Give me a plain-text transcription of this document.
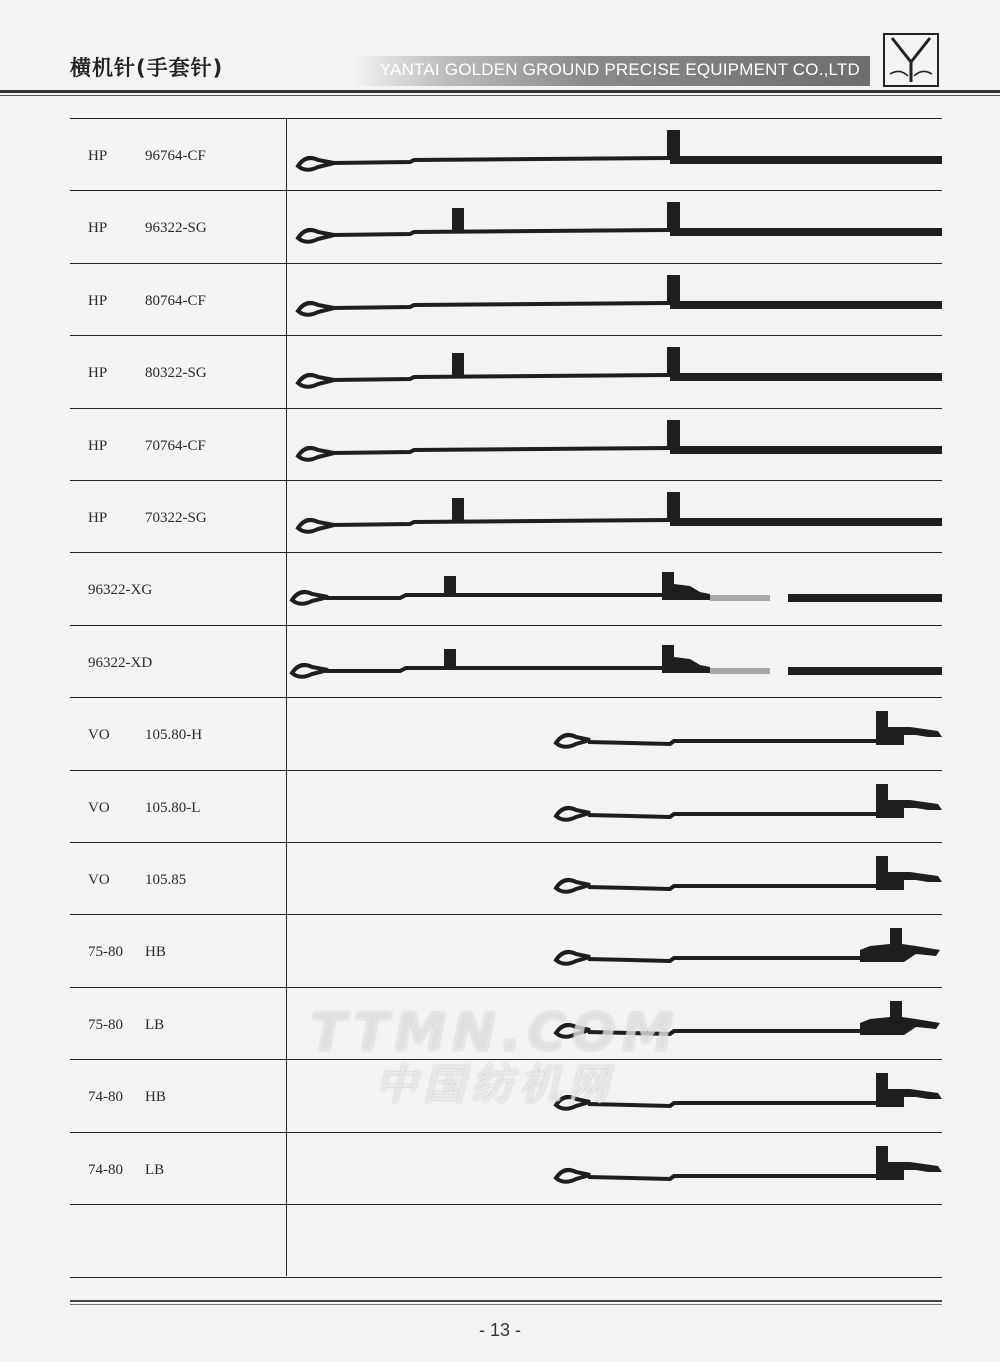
横机针(手套针)	YANTAI GOLDEN GROUND PRECISE EQUIPMENT CO.,LTD
HP	96764-CF
HP	96322-SG
HP	80764-CF
HP	80322-SG
HP	70764-CF
HP	70322-SG
96322-XG
96322-XD
VO 105.80-H
VO 105.80-L
VO 105.85
75-80 HB
75-80 LB
74-80 HB
74-80 LB
TTMN.COM
中国纺机网
- 13 -
